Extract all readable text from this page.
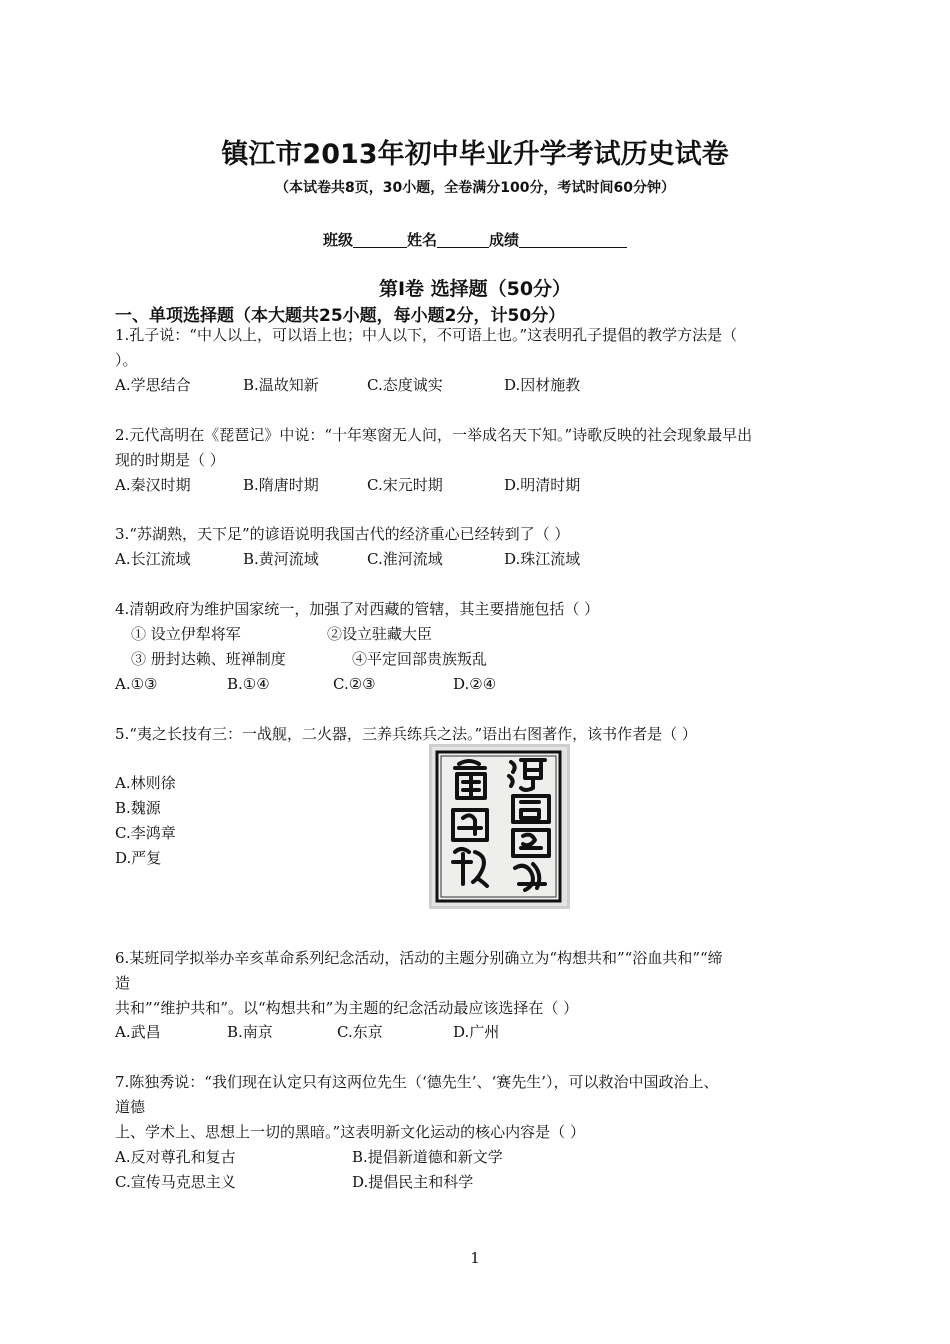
镇江市2013年初中毕业升学考试历史试卷
（本试卷共8页，30小题，全卷满分100分，考试时间60分钟）
班级	姓名	成绩
第Ⅰ卷 选择题（50分）
一、单项选择题（本大题共25小题，每小题2分，计50分）
1.孔子说：“中人以上，可以语上也；中人以下，不可语上也。”这表明孔子提倡的教学方法是（
）。
A.学思结合	B.温故知新	C.态度诚实	D.因材施教
2.元代高明在《琵琶记》中说：“十年寒窗无人问，一举成名天下知。”诗歌反映的社会现象最早出
现的时期是（ ）
A.秦汉时期	B.隋唐时期	C.宋元时期	D.明清时期
3.“苏湖熟，天下足”的谚语说明我国古代的经济重心已经转到了（ ）
A.长江流域	B.黄河流域	C.淮河流域	D.珠江流域
4.清朝政府为维护国家统一，加强了对西藏的管辖，其主要措施包括（ ）
① 设立伊犁将军	②设立驻藏大臣
③ 册封达赖、班禅制度	④平定回部贵族叛乱
A.①③	B.①④	C.②③	D.②④
5.“夷之长技有三：一战舰，二火器，三养兵练兵之法。”语出右图著作，该书作者是（ ）
A.林则徐
B.魏源
C.李鸿章
D.严复
6.某班同学拟举办辛亥革命系列纪念活动，活动的主题分别确立为“构想共和”“浴血共和”“缔
造
共和”“维护共和”。以“构想共和”为主题的纪念活动最应该选择在（ ）
A.武昌	B.南京	C.东京	D.广州
7.陈独秀说：“我们现在认定只有这两位先生（‘德先生’、‘赛先生’），可以救治中国政治上、
道德
上、学术上、思想上一切的黑暗。”这表明新文化运动的核心内容是（ ）
A.反对尊孔和复古	B.提倡新道德和新文学
C.宣传马克思主义	D.提倡民主和科学
1
